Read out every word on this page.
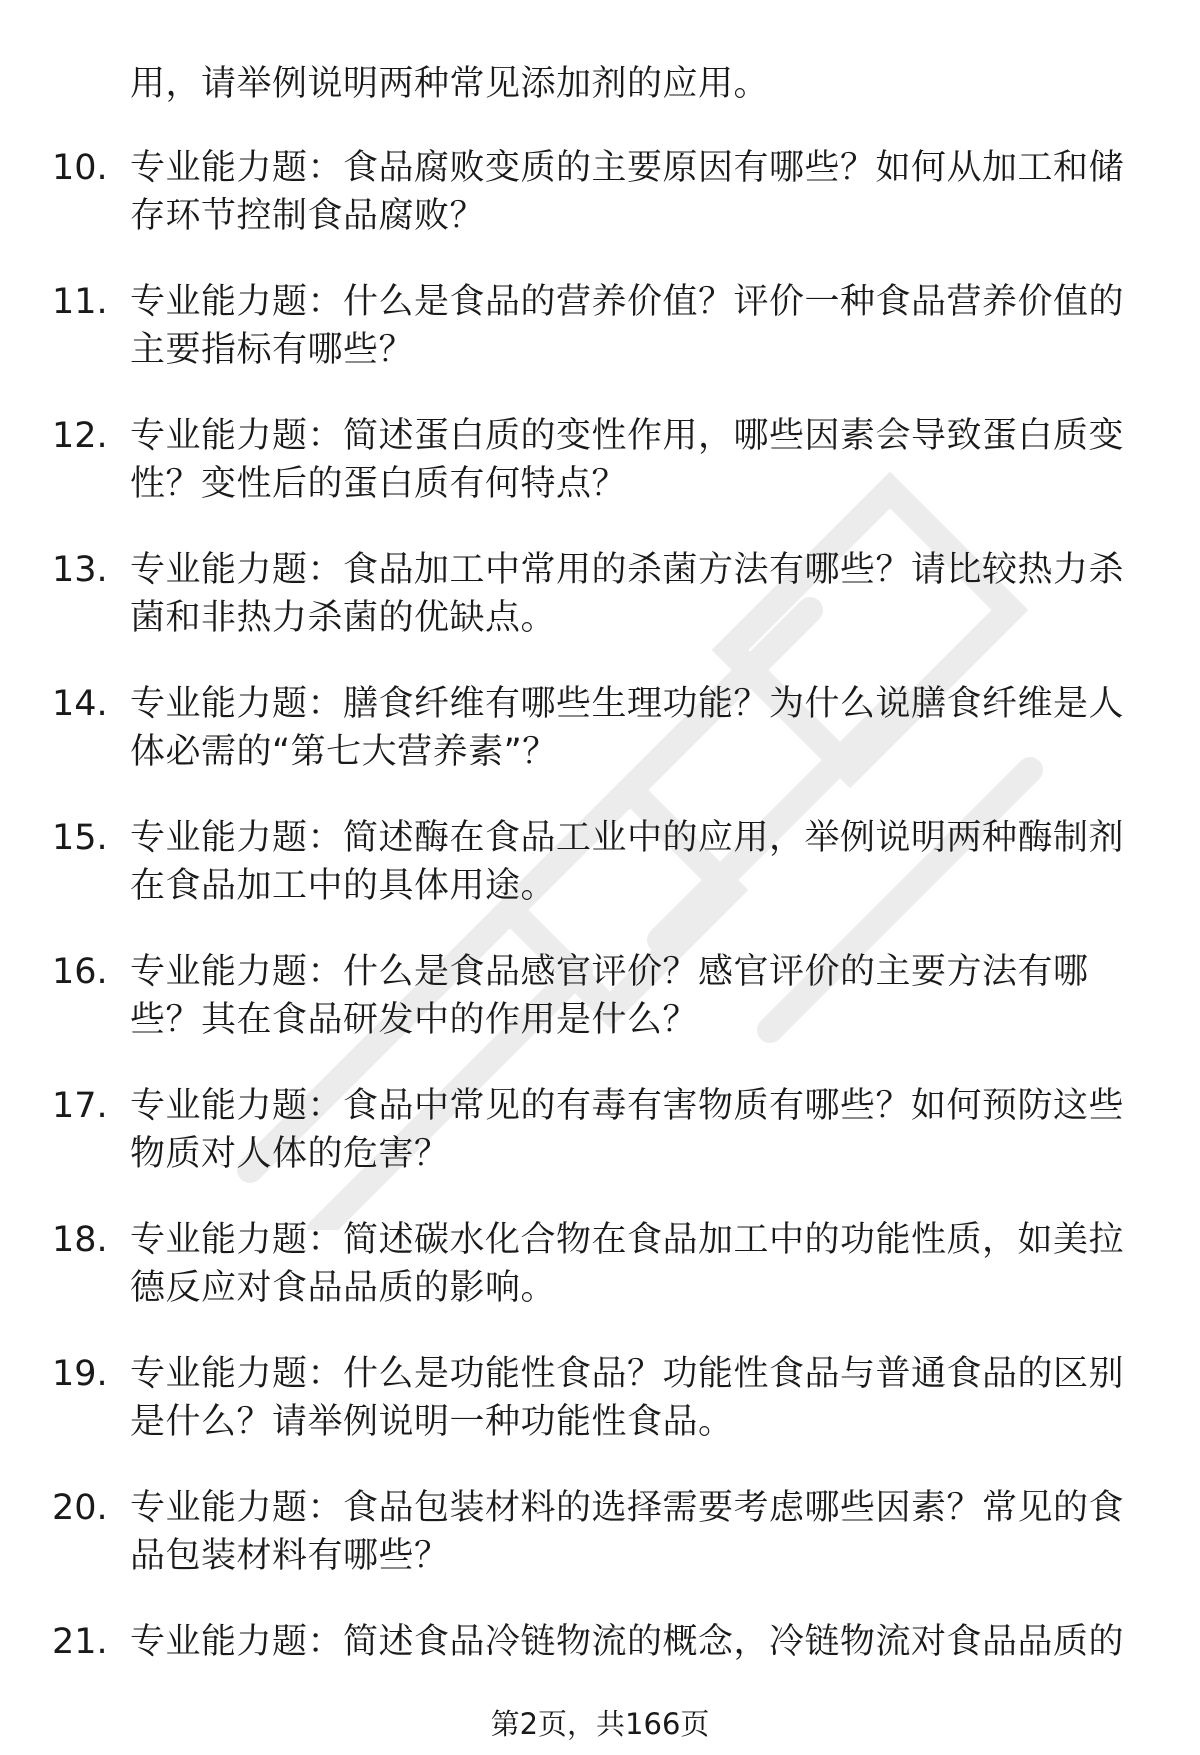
用，请举例说明两种常见添加剂的应用。
10. 专业能力题：食品腐败变质的主要原因有哪些？如何从加工和储存环节控制食品腐败？
11. 专业能力题：什么是食品的营养价值？评价一种食品营养价值的主要指标有哪些？
12. 专业能力题：简述蛋白质的变性作用，哪些因素会导致蛋白质变性？变性后的蛋白质有何特点？
13. 专业能力题：食品加工中常用的杀菌方法有哪些？请比较热力杀菌和非热力杀菌的优缺点。
14. 专业能力题：膳食纤维有哪些生理功能？为什么说膳食纤维是人体必需的“第七大营养素”？
15. 专业能力题：简述酶在食品工业中的应用，举例说明两种酶制剂在食品加工中的具体用途。
16. 专业能力题：什么是食品感官评价？感官评价的主要方法有哪些？其在食品研发中的作用是什么？
17. 专业能力题：食品中常见的有毒有害物质有哪些？如何预防这些物质对人体的危害？
18. 专业能力题：简述碳水化合物在食品加工中的功能性质，如美拉德反应对食品品质的影响。
19. 专业能力题：什么是功能性食品？功能性食品与普通食品的区别是什么？请举例说明一种功能性食品。
20. 专业能力题：食品包装材料的选择需要考虑哪些因素？常见的食品包装材料有哪些？
21. 专业能力题：简述食品冷链物流的概念，冷链物流对食品品质的
第2页，共166页
